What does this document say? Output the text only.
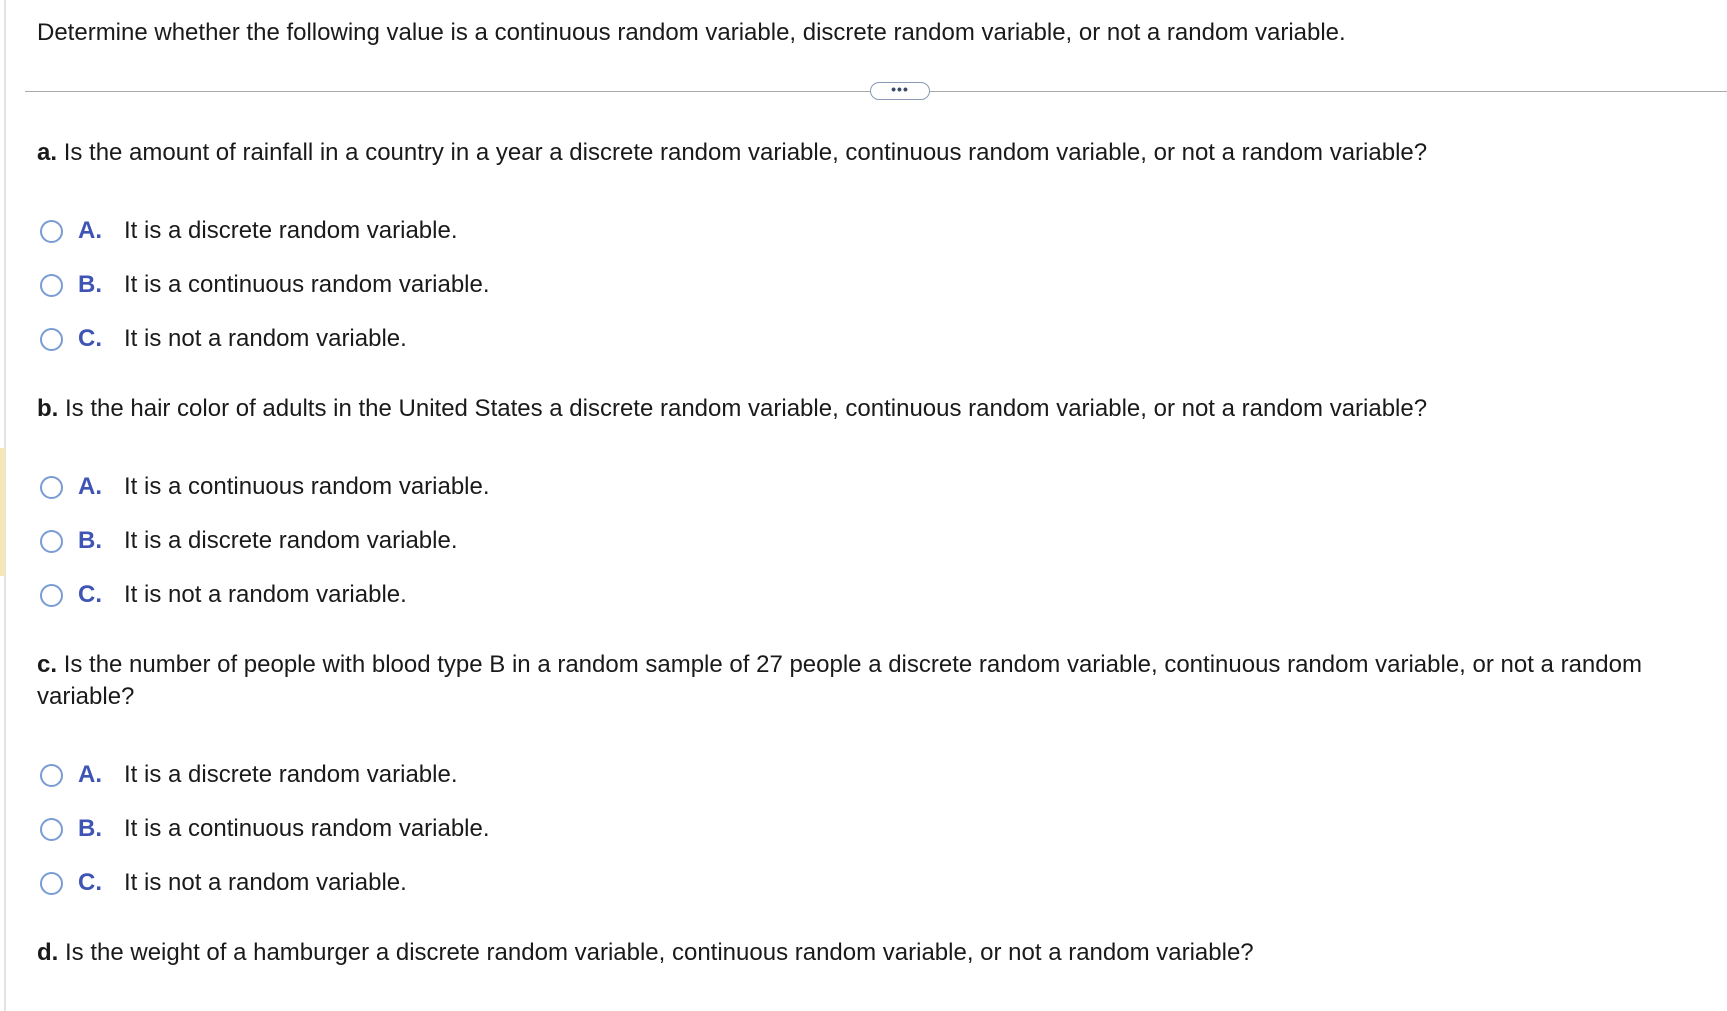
Determine whether the following value is a continuous random variable, discrete random variable, or not a random variable.
•••
a. Is the amount of rainfall in a country in a year a discrete random variable, continuous random variable, or not a random variable?
A. It is a discrete random variable.
B. It is a continuous random variable.
C. It is not a random variable.
b. Is the hair color of adults in the United States a discrete random variable, continuous random variable, or not a random variable?
A. It is a continuous random variable.
B. It is a discrete random variable.
C. It is not a random variable.
c. Is the number of people with blood type B in a random sample of 27 people a discrete random variable, continuous random variable, or not a random variable?
A. It is a discrete random variable.
B. It is a continuous random variable.
C. It is not a random variable.
d. Is the weight of a hamburger a discrete random variable, continuous random variable, or not a random variable?
